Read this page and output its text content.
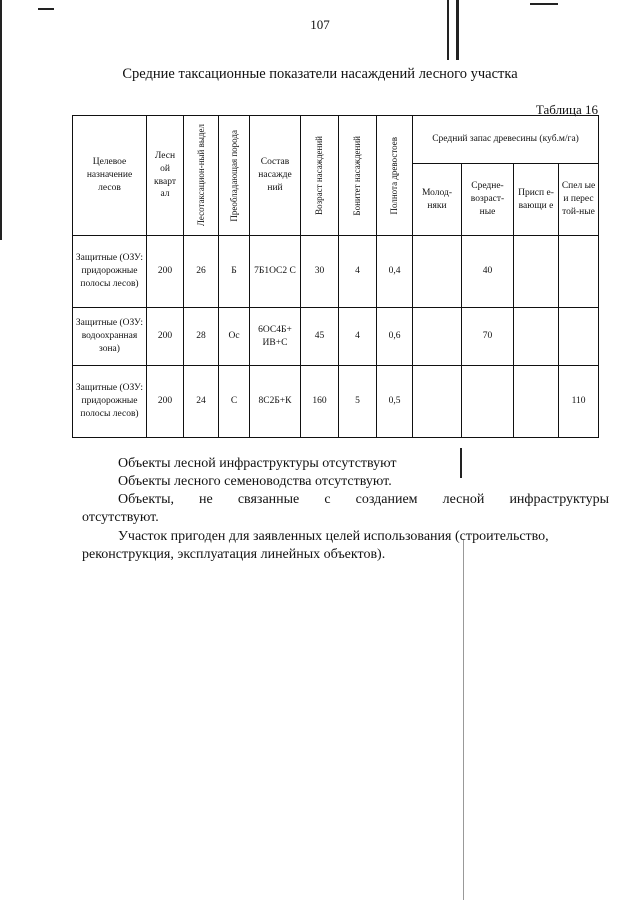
107
Средние таксационные показатели насаждений лесного участка
Таблица 16
Целевое назначение лесов	Лесн ой кварт ал	Лесотаксацион-ный выдел	Преобладающая порода	Состав насажде ний	Возраст насаждений	Бонитет насаждений	Полнота древостоев	Средний запас древесины (куб.м/га)			
								Молод-няки	Средне-возраст-ные	Присп е-вающи е	Спел ые и перес той-ные
Защитные (ОЗУ: придорожные полосы лесов)	200	26	Б	7Б1ОС2 С	30	4	0,4		40		
Защитные (ОЗУ: водоохранная зона)	200	28	Ос	6ОС4Б+ ИВ+С	45	4	0,6		70		
Защитные (ОЗУ: придорожные полосы лесов)	200	24	С	8С2Б+К	160	5	0,5				110
Объекты лесной инфраструктуры отсутствуют
Объекты лесного семеноводства отсутствуют.
Объекты, не связанные с созданием лесной инфраструктуры
отсутствуют.
Участок пригоден для заявленных целей использования (строительство,
реконструкция, эксплуатация линейных объектов).
